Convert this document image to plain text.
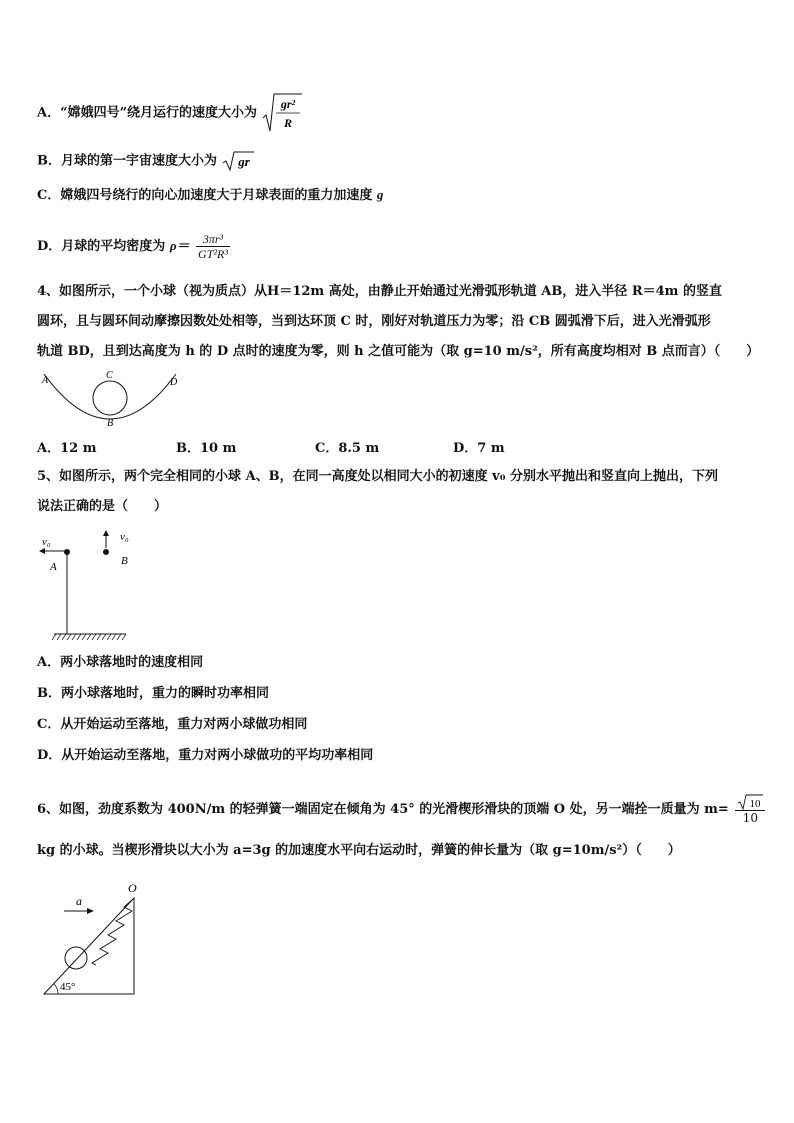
A．“嫦娥四号”绕月运行的速度大小为
gr²
R
B．月球的第一宇宙速度大小为 gr
C．嫦娥四号绕行的向心加速度大于月球表面的重力加速度 g
D．月球的平均密度为 $\rho= \frac{\text{3πr³}}{\text{GT²R³}}$
4、如图所示，一个小球（视为质点）从H＝12m 高处，由静止开始通过光滑弧形轨道 AB，进入半径 R＝4m 的竖直
圆环，且与圆环间动摩擦因数处处相等，当到达环顶 C 时，刚好对轨道压力为零；沿 CB 圆弧滑下后，进入光滑弧形
轨道 BD，且到达高度为 h 的 D 点时的速度为零，则 h 之值可能为（取 g=10 m/s²，所有高度均相对 B 点而言）（　　）
A	C
B
D
A．12 m	B．10 m	C．8.5 m	D．7 m
5、如图所示，两个完全相同的小球 A、B，在同一高度处以相同大小的初速度 v₀ 分别水平抛出和竖直向上抛出，下列
说法正确的是（　　）
v₀
A
v₀
B
A．两小球落地时的速度相同
B．两小球落地时，重力的瞬时功率相同
C．从开始运动至落地，重力对两小球做功相同
D．从开始运动至落地，重力对两小球做功的平均功率相同
6、如图，劲度系数为 400N/m 的轻弹簧一端固定在倾角为 45° 的光滑楔形滑块的顶端 O 处，另一端拴一质量为 $m= \frac{10}{10}$
kg 的小球。当楔形滑块以大小为 a=3g 的加速度水平向右运动时，弹簧的伸长量为（取 g=10m/s²）（　　）
O
a
45°
